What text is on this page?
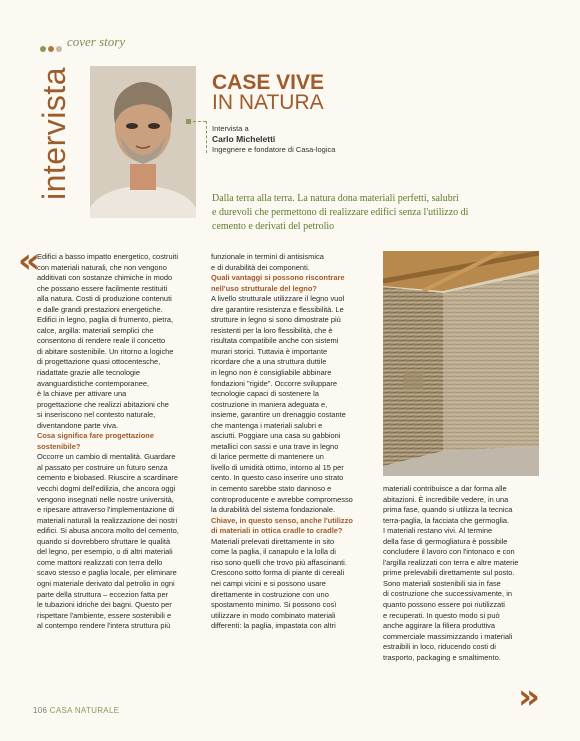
cover story
intervista	CASE VIVE
IN NATURA
Intervista a
Carlo Micheletti
Ingegnere e fondatore di Casa-logica
Dalla terra alla terra. La natura dona materiali perfetti, salubri
e durevoli che permettono di realizzare edifici senza l'utilizzo di
cemento e derivati del petrolio
«

Edifici a basso impatto energetico, costruiti

con materiali naturali, che non vengono

additivati con sostanze chimiche in modo

che possano essere facilmente restituiti

alla natura. Costi di produzione contenuti

e dalle grandi prestazioni energetiche.

Edifici in legno, paglia di frumento, pietra,

calce, argilla: materiali semplici che

consentono di rendere reale il concetto

di abitare sostenibile. Un ritorno a logiche

di progettazione quasi ottocentesche,

riadattate grazie alle tecnologie

avanguardistiche contemporanee,

è la chiave per attivare una

progettazione che realizzi abitazioni che

si inseriscono nel contesto naturale,

diventandone parte viva.

Cosa significa fare progettazione

sostenibile?

Occorre un cambio di mentalità. Guardare

al passato per costruire un futuro senza

cemento e biobased. Riuscire a scardinare

vecchi dogmi dell'edilizia, che ancora oggi

vengono insegnati nelle nostre università,

e ripesare attraverso l'implementazione di

materiali naturali la realizzazione dei nostri

edifici. Si abusa ancora molto del cemento,

quando si dovrebbero sfruttare le qualità

del legno, per esempio, o di altri materiali

come mattoni realizzati con terra dello

scavo stesso e paglia locale, per eliminare

ogni materiale derivato dal petrolio in ogni

parte della struttura – eccezion fatta per

le tubazioni idriche dei bagni. Questo per

rispettare l'ambiente, essere sostenibili e

al contempo rendere l'intera struttura più

funzionale in termini di antisismica

e di durabilità dei componenti.

Quali vantaggi si possono riscontrare

nell'uso strutturale del legno?

A livello strutturale utilizzare il legno vuol

dire garantire resistenza e flessibilità. Le

strutture in legno si sono dimostrate più

resistenti per la loro flessibilità, che è

risultata compatibile anche con sistemi

murari storici. Tuttavia è importante

ricordare che a una struttura duttile

in legno non è consigliabile abbinare

fondazioni "rigide". Occorre sviluppare

tecnologie capaci di sostenere la

costruzione in maniera adeguata e,

insieme, garantire un drenaggio costante

che mantenga i materiali salubri e

asciutti. Poggiare una casa su gabbioni

metallici con sassi e una trave in legno

di larice permette di mantenere un

livello di umidità ottimo, intorno al 15 per

cento. In questo caso inserire uno strato

in cemento sarebbe stato dannoso e

controproducente e avrebbe compromesso

la durabilità del sistema fondazionale.

Chiave, in questo senso, anche l'utilizzo

di materiali in ottica cradle to cradle?

Materiali prelevati direttamente in sito

come la paglia, il canapulo e la lolla di

riso sono quelli che trovo più affascinanti.

Crescono sotto forma di piante di cereali

nei campi vicini e si possono usare

direttamente in costruzione con uno

spostamento minimo. Si possono così

utilizzare in modo combinato materiali

differenti: la paglia, impastata con altri

materiali contribuisce a dar forma alle

abitazioni. È incredibile vedere, in una

prima fase, quando si utilizza la tecnica

terra-paglia, la facciata che germoglia.

I materiali restano vivi. Al termine

della fase di germogliatura è possibile

concludere il lavoro con l'intonaco e con

l'argilla realizzati con terra e altre materie

prime prelevabili direttamente sul posto.

Sono materiali sostenibili sia in fase

di costruzione che successivamente, in

quanto possono essere poi riutilizzati

e recuperati. In questo modo si può

anche aggirare la filiera produttiva

commerciale massimizzando i materiali

estraibili in loco, riducendo costi di

trasporto, packaging e smaltimento.

»
106 CASA NATURALE
